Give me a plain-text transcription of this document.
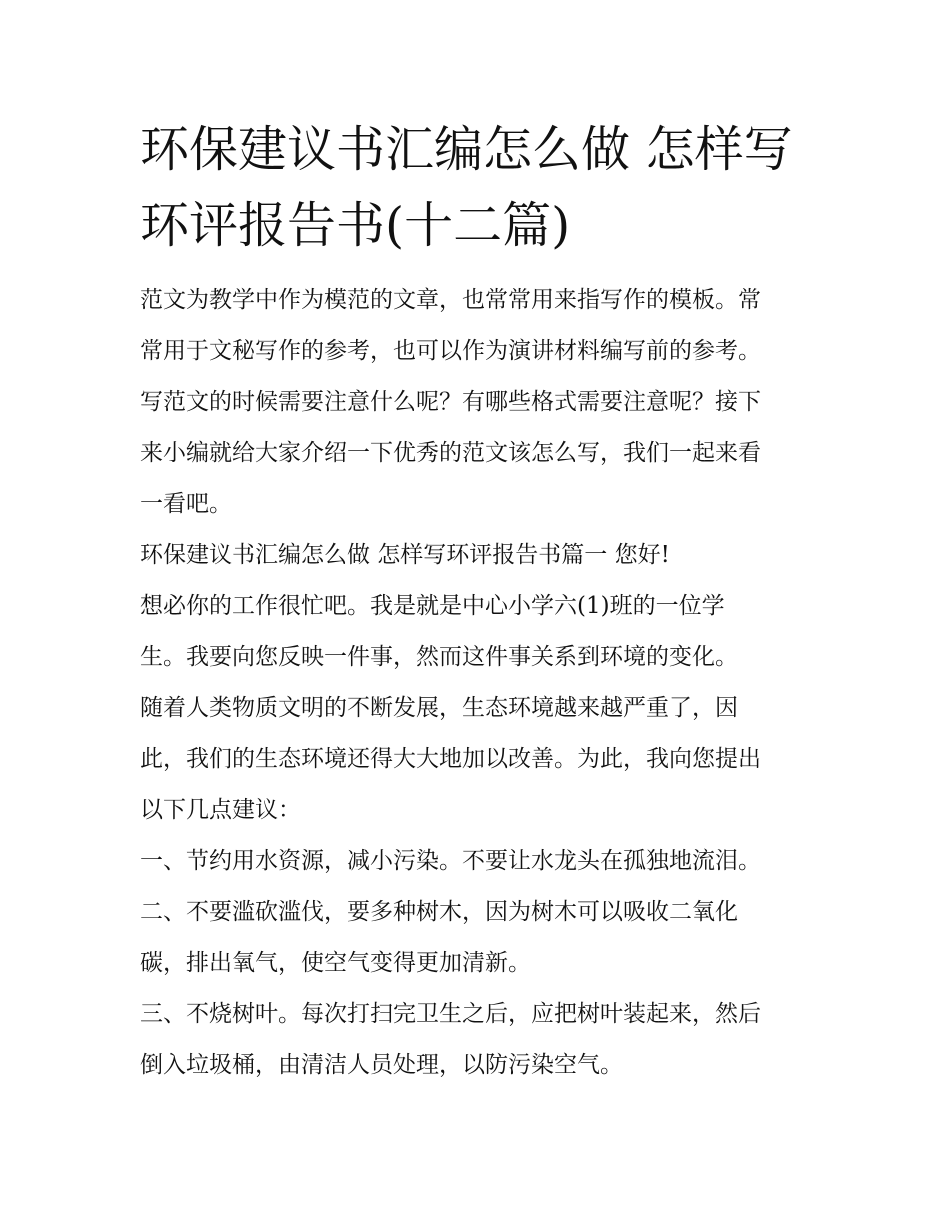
环保建议书汇编怎么做 怎样写环评报告书(十二篇)

范文为教学中作为模范的文章，也常常用来指写作的模板。常

常用于文秘写作的参考，也可以作为演讲材料编写前的参考。

写范文的时候需要注意什么呢？有哪些格式需要注意呢？接下

来小编就给大家介绍一下优秀的范文该怎么写，我们一起来看

一看吧。

环保建议书汇编怎么做 怎样写环评报告书篇一 您好!

想必你的工作很忙吧。我是就是中心小学六(1)班的一位学

生。我要向您反映一件事，然而这件事关系到环境的变化。

随着人类物质文明的不断发展，生态环境越来越严重了，因

此，我们的生态环境还得大大地加以改善。为此，我向您提出

以下几点建议：

一、节约用水资源，减小污染。不要让水龙头在孤独地流泪。

二、不要滥砍滥伐，要多种树木，因为树木可以吸收二氧化

碳，排出氧气，使空气变得更加清新。

三、不烧树叶。每次打扫完卫生之后，应把树叶装起来，然后

倒入垃圾桶，由清洁人员处理，以防污染空气。
